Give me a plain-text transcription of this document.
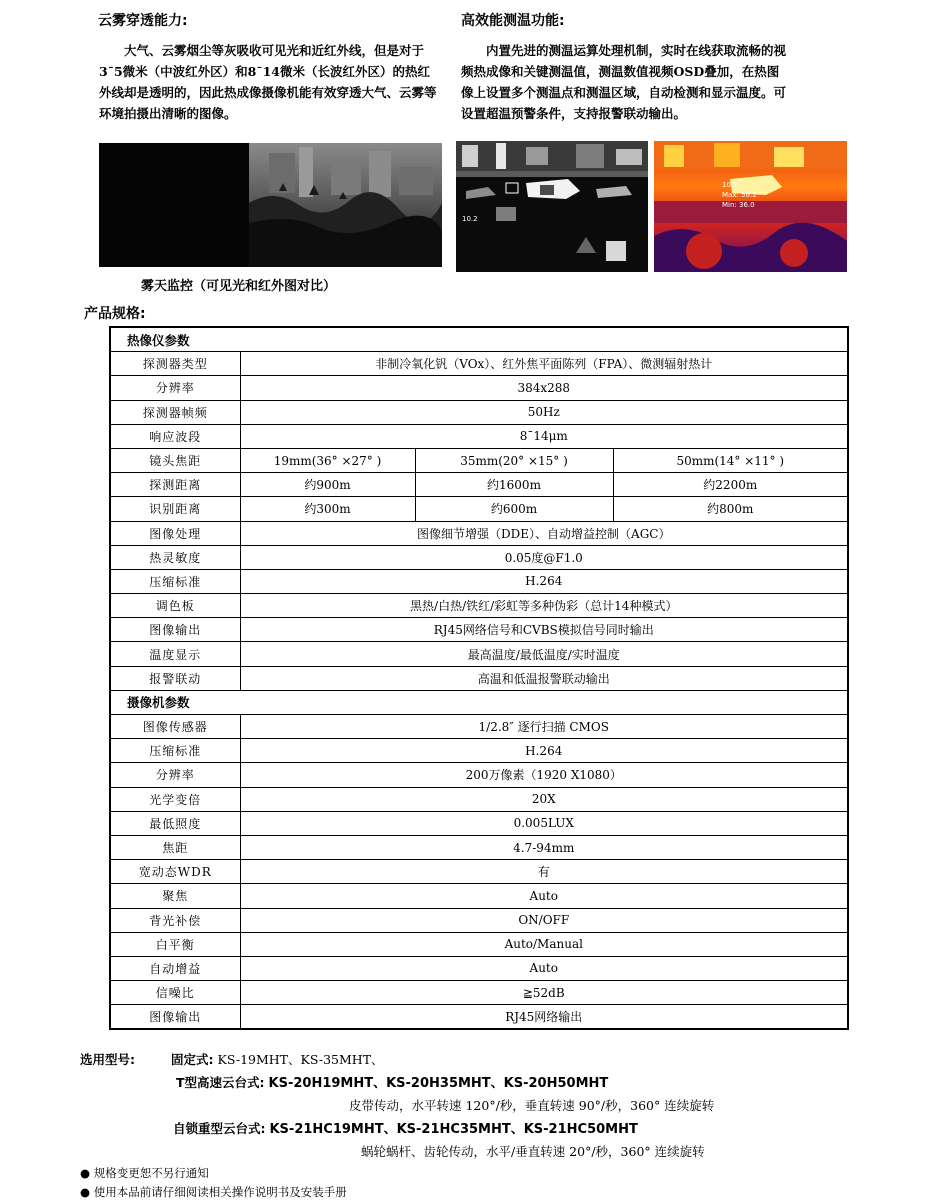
云雾穿透能力:

大气、云雾烟尘等灰吸收可见光和近红外线，但是对于3¯5微米（中波红外区）和8¯14微米（长波红外区）的热红外线却是透明的，因此热成像摄像机能有效穿透大气、云雾等环境拍摄出清晰的图像。

雾天监控（可见光和红外图对比）
高效能测温功能:

内置先进的测温运算处理机制，实时在线获取流畅的视频热成像和关键测温值，测温数值视频OSD叠加，在热图像上设置多个测温点和测温区域，自动检测和显示温度。可设置超温预警条件，支持报警联动输出。

10.2
10.2
Max: 56.2
Min: 36.0
产品规格:
热像仪参数			
探测器类型	非制冷氧化钒（VOx）、红外焦平面陈列（FPA）、微测辐射热计		
分辨率	384x288		
探测器帧频	50Hz		
响应波段	8¯14μm		
镜头焦距	19mm(36° ×27° )	35mm(20° ×15° )	50mm(14° ×11° )
探测距离	约900m	约1600m	约2200m
识别距离	约300m	约600m	约800m
图像处理	图像细节增强（DDE）、自动增益控制（AGC）		
热灵敏度	0.05度@F1.0		
压缩标准	H.264		
调色板	黑热/白热/铁红/彩虹等多种伪彩（总计14种模式）		
图像输出	RJ45网络信号和CVBS模拟信号同时输出		
温度显示	最高温度/最低温度/实时温度		
报警联动	高温和低温报警联动输出		
摄像机参数			
图像传感器	1/2.8″ 逐行扫描 CMOS		
压缩标准	H.264		
分辨率	200万像素（1920 X1080）		
光学变倍	20X		
最低照度	0.005LUX		
焦距	4.7-94mm		
宽动态WDR	有		
聚焦	Auto		
背光补偿	ON/OFF		
白平衡	Auto/Manual		
自动增益	Auto		
信噪比	≧52dB		
图像输出	RJ45网络输出		
选用型号:	固定式: KS-19MHT、KS-35MHT、
T型高速云台式: KS-20H19MHT、KS-20H35MHT、KS-20H50MHT
皮带传动，水平转速 120°/秒，垂直转速 90°/秒，360° 连续旋转
自锁重型云台式: KS-21HC19MHT、KS-21HC35MHT、KS-21HC50MHT
蜗轮蜗杆、齿轮传动，水平/垂直转速 20°/秒，360° 连续旋转
● 规格变更恕不另行通知
● 使用本品前请仔细阅读相关操作说明书及安装手册
